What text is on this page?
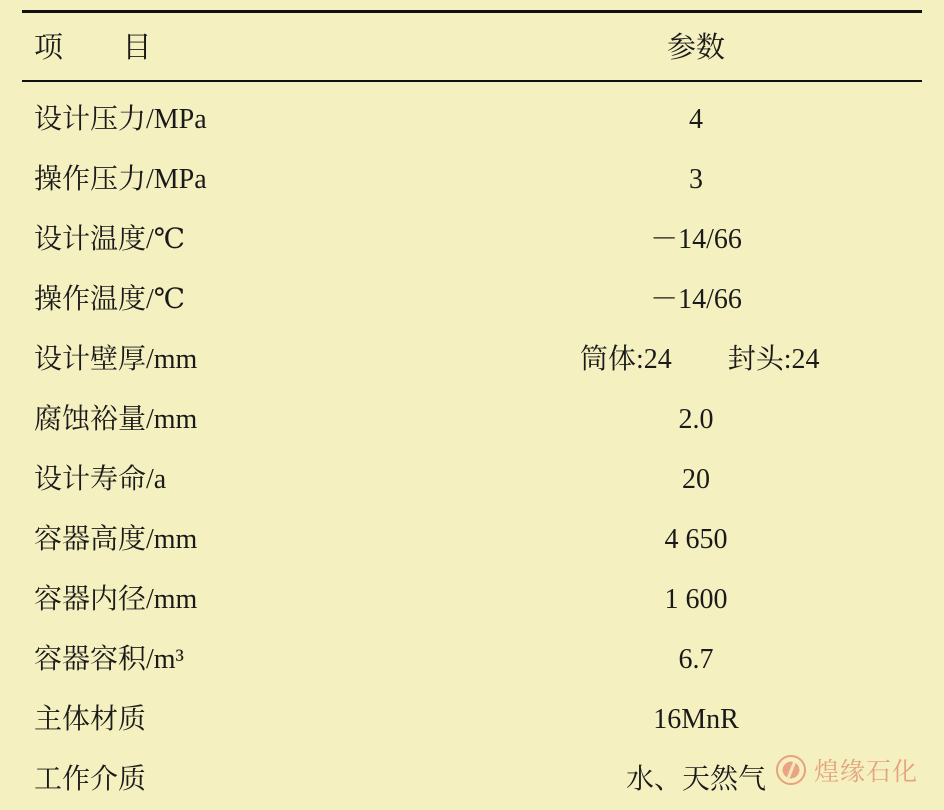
项　　目	参数
设计压力/MPa	4
操作压力/MPa	3
设计温度/℃	－14/66
操作温度/℃	－14/66
设计壁厚/mm	筒体:24　　封头:24
腐蚀裕量/mm	2.0
设计寿命/a	20
容器高度/mm	4 650
容器内径/mm	1 600
容器容积/m³	6.7
主体材质	16MnR
工作介质	水、天然气 煌缘石化
